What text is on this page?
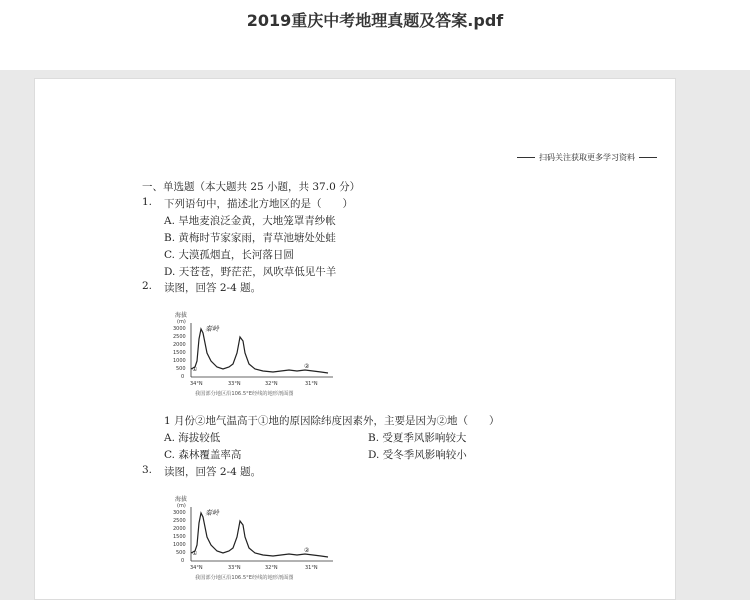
2019重庆中考地理真题及答案.pdf
扫码关注获取更多学习资料
一、单选题（本大题共 25 小题，共 37.0 分）
1. 下列语句中，描述北方地区的是（　　）
A. 旱地麦浪泛金黄，大地笼罩青纱帐
B. 黄梅时节家家雨，青草池塘处处蛙
C. 大漠孤烟直，长河落日圆
D. 天苍苍，野茫茫，风吹草低见牛羊
2. 读图，回答 2-4 题。
海拔
(m)
3000
2500
2000
1500
1000
500
0
秦岭
①	②
34°N	33°N	32°N	31°N
我国部分地区沿106.5°E经线的地形剖面图
1 月份②地气温高于①地的原因除纬度因素外，主要是因为②地（　　）
A. 海拔较低	B. 受夏季风影响较大
C. 森林覆盖率高	D. 受冬季风影响较小
3. 读图，回答 2-4 题。
海拔
(m)
3000
2500
2000
1500
1000
500
0
秦岭
①	②
34°N	33°N	32°N	31°N
我国部分地区沿106.5°E经线的地形剖面图
